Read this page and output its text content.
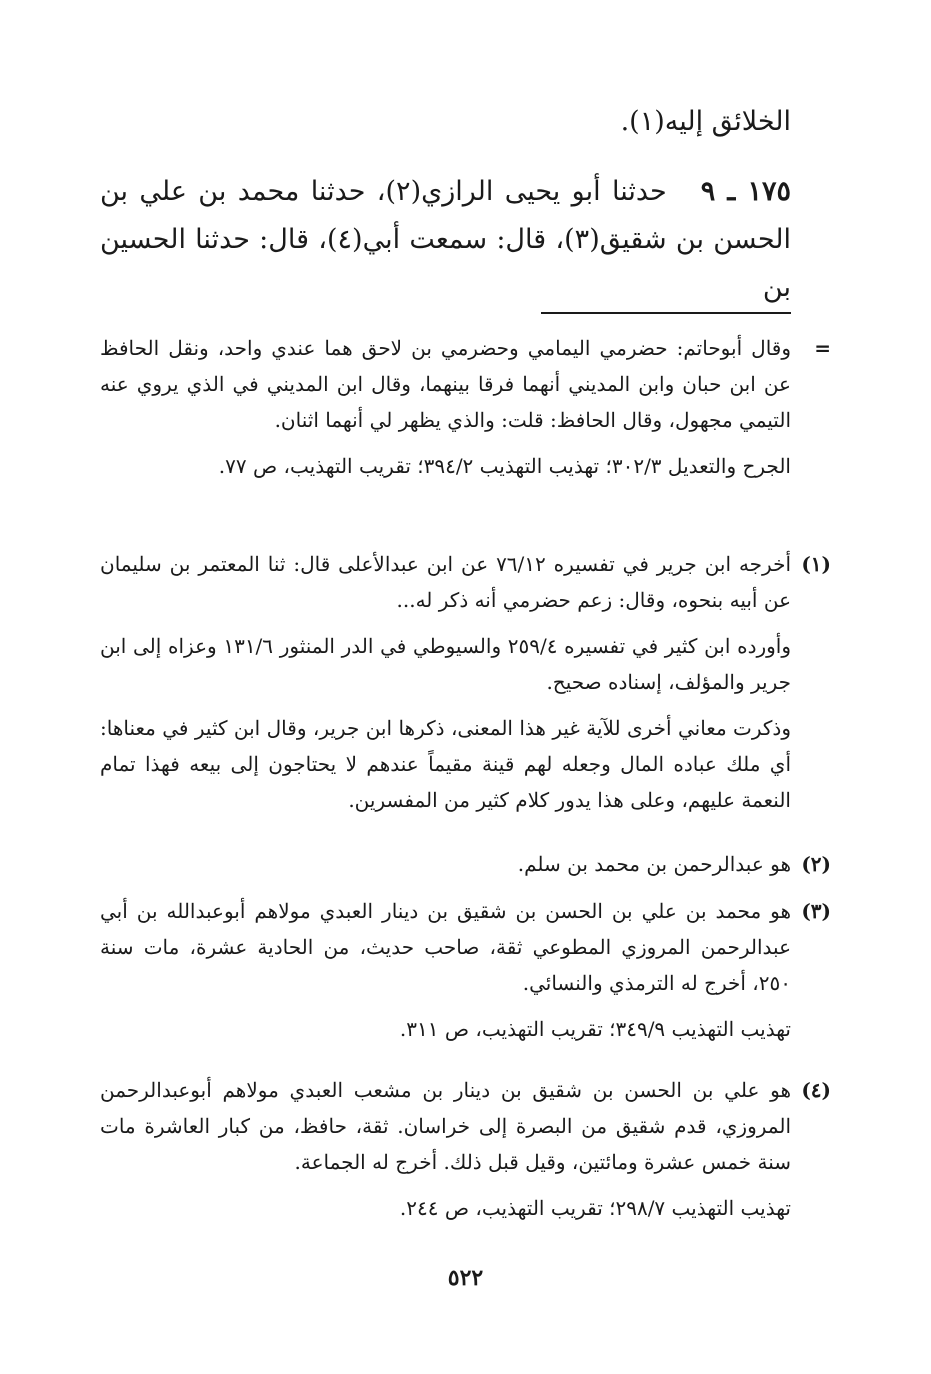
الخلائق إليه(١).

١٧٥ ـ ٩   حدثنا أبو يحيى الرازي(٢)، حدثنا محمد بن علي بن الحسن بن شقيق(٣)، قال: سمعت أبي(٤)، قال: حدثنا الحسين بن

=

وقال أبوحاتم: حضرمي اليمامي وحضرمي بن لاحق هما عندي واحد، ونقل الحافظ عن ابن حبان وابن المديني أنهما فرقا بينهما، وقال ابن المديني في الذي يروي عنه التيمي مجهول، وقال الحافظ: قلت: والذي يظهر لي أنهما اثنان.

الجرح والتعديل ٣٠٢/٣؛ تهذيب التهذيب ٣٩٤/٢؛ تقريب التهذيب، ص ٧٧.

(١)

أخرجه ابن جرير في تفسيره ٧٦/١٢ عن ابن عبدالأعلى قال: ثنا المعتمر بن سليمان عن أبيه بنحوه، وقال: زعم حضرمي أنه ذكر له...

وأورده ابن كثير في تفسيره ٢٥٩/٤ والسيوطي في الدر المنثور ١٣١/٦ وعزاه إلى ابن جرير والمؤلف، إسناده صحيح.

وذكرت معاني أخرى للآية غير هذا المعنى، ذكرها ابن جرير، وقال ابن كثير في معناها: أي ملك عباده المال وجعله لهم قينة مقيماً عندهم لا يحتاجون إلى بيعه فهذا تمام النعمة عليهم، وعلى هذا يدور كلام كثير من المفسرين.

(٢)

هو عبدالرحمن بن محمد بن سلم.

(٣)

هو محمد بن علي بن الحسن بن شقيق بن دينار العبدي مولاهم أبوعبدالله بن أبي عبدالرحمن المروزي المطوعي ثقة، صاحب حديث، من الحادية عشرة، مات سنة ٢٥٠، أخرج له الترمذي والنسائي.

تهذيب التهذيب ٣٤٩/٩؛ تقريب التهذيب، ص ٣١١.

(٤)

هو علي بن الحسن بن شقيق بن دينار بن مشعب العبدي مولاهم أبوعبدالرحمن المروزي، قدم شقيق من البصرة إلى خراسان. ثقة، حافظ، من كبار العاشرة مات سنة خمس عشرة ومائتين، وقيل قبل ذلك. أخرج له الجماعة.

تهذيب التهذيب ٢٩٨/٧؛ تقريب التهذيب، ص ٢٤٤.

٥٢٢
